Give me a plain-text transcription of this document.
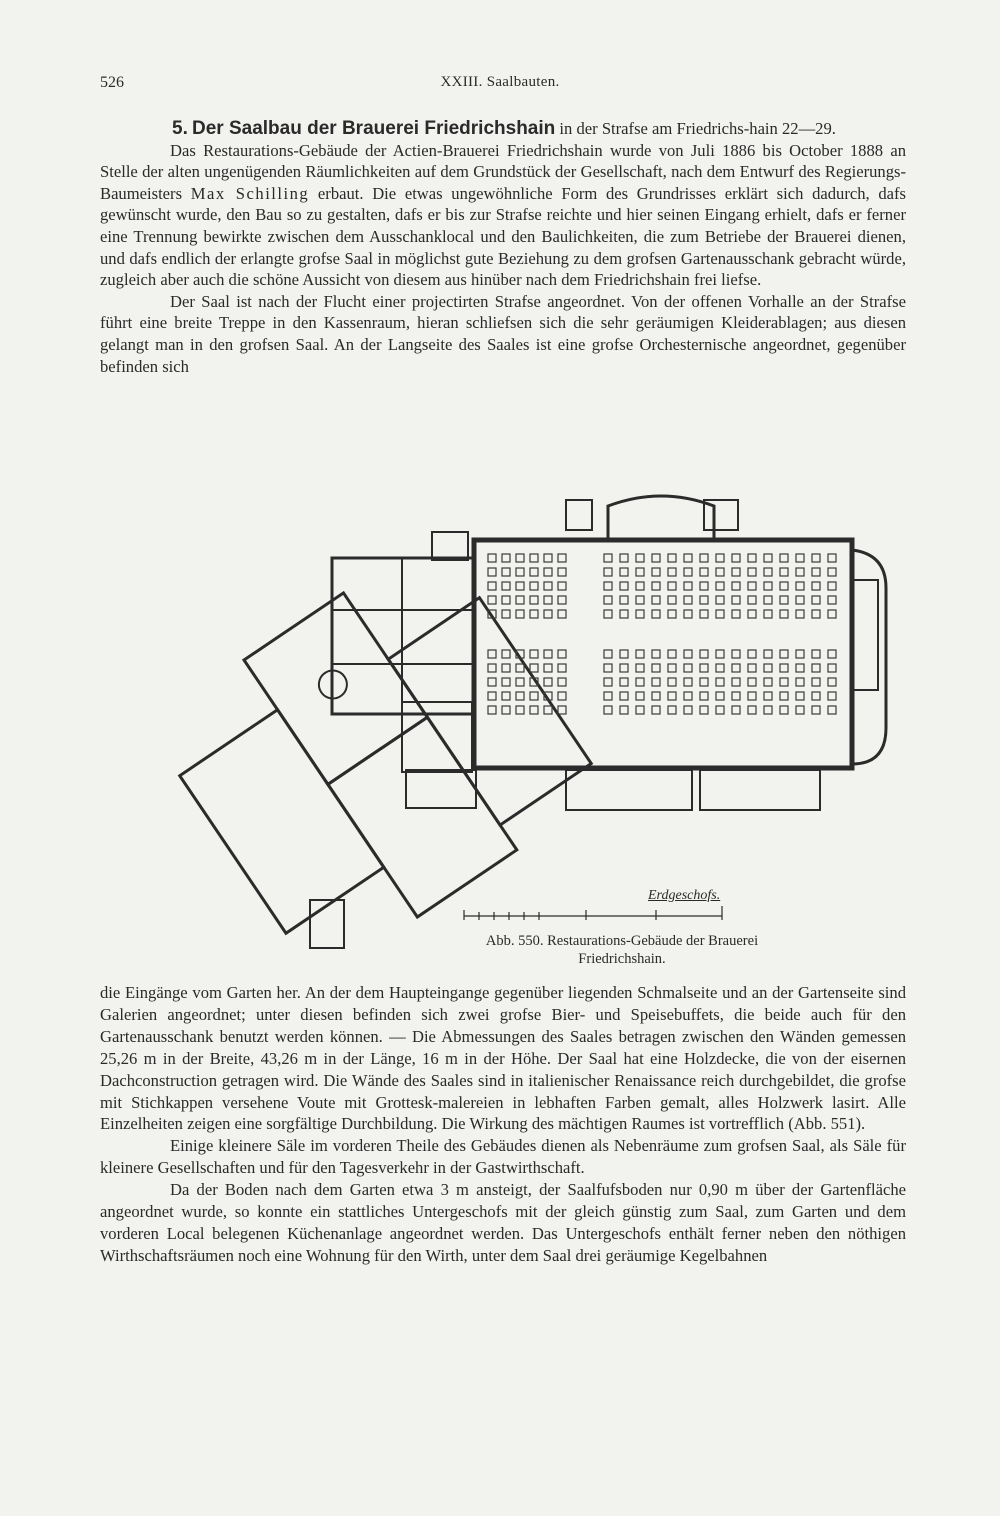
526	XXIII. Saalbauten.

5. Der Saalbau der Brauerei Friedrichshain in der Strafse am Friedrichs-hain 22—29.

Das Restaurations-Gebäude der Actien-Brauerei Friedrichshain wurde von Juli 1886 bis October 1888 an Stelle der alten ungenügenden Räumlichkeiten auf dem Grundstück der Gesellschaft, nach dem Entwurf des Regierungs-Baumeisters Max Schilling erbaut. Die etwas ungewöhnliche Form des Grundrisses erklärt sich dadurch, dafs gewünscht wurde, den Bau so zu gestalten, dafs er bis zur Strafse reichte und hier seinen Eingang erhielt, dafs er ferner eine Trennung bewirkte zwischen dem Ausschanklocal und den Baulichkeiten, die zum Betriebe der Brauerei dienen, und dafs endlich der erlangte grofse Saal in möglichst gute Beziehung zu dem grofsen Gartenausschank gebracht würde, zugleich aber auch die schöne Aussicht von diesem aus hinüber nach dem Friedrichshain frei liefse.

Der Saal ist nach der Flucht einer projectirten Strafse angeordnet. Von der offenen Vorhalle an der Strafse führt eine breite Treppe in den Kassenraum, hieran schliefsen sich die sehr geräumigen Kleiderablagen; aus diesen gelangt man in den grofsen Saal. An der Langseite des Saales ist eine grofse Orchesternische angeordnet, gegenüber befinden sich

Erdgeschofs.
Abb. 550. Restaurations-Gebäude der Brauerei
Friedrichshain.

die Eingänge vom Garten her. An der dem Haupteingange gegenüber liegenden Schmalseite und an der Gartenseite sind Galerien angeordnet; unter diesen befinden sich zwei grofse Bier- und Speisebuffets, die beide auch für den Gartenausschank benutzt werden können. — Die Abmessungen des Saales betragen zwischen den Wänden gemessen 25,26 m in der Breite, 43,26 m in der Länge, 16 m in der Höhe. Der Saal hat eine Holzdecke, die von der eisernen Dachconstruction getragen wird. Die Wände des Saales sind in italienischer Renaissance reich durchgebildet, die grofse mit Stichkappen versehene Voute mit Grottesk-malereien in lebhaften Farben gemalt, alles Holzwerk lasirt. Alle Einzelheiten zeigen eine sorgfältige Durchbildung. Die Wirkung des mächtigen Raumes ist vortrefflich (Abb. 551).

Einige kleinere Säle im vorderen Theile des Gebäudes dienen als Nebenräume zum grofsen Saal, als Säle für kleinere Gesellschaften und für den Tagesverkehr in der Gastwirthschaft.

Da der Boden nach dem Garten etwa 3 m ansteigt, der Saalfufsboden nur 0,90 m über der Gartenfläche angeordnet wurde, so konnte ein stattliches Untergeschofs mit der gleich günstig zum Saal, zum Garten und dem vorderen Local belegenen Küchenanlage angeordnet werden. Das Untergeschofs enthält ferner neben den nöthigen Wirthschaftsräumen noch eine Wohnung für den Wirth, unter dem Saal drei geräumige Kegelbahnen
